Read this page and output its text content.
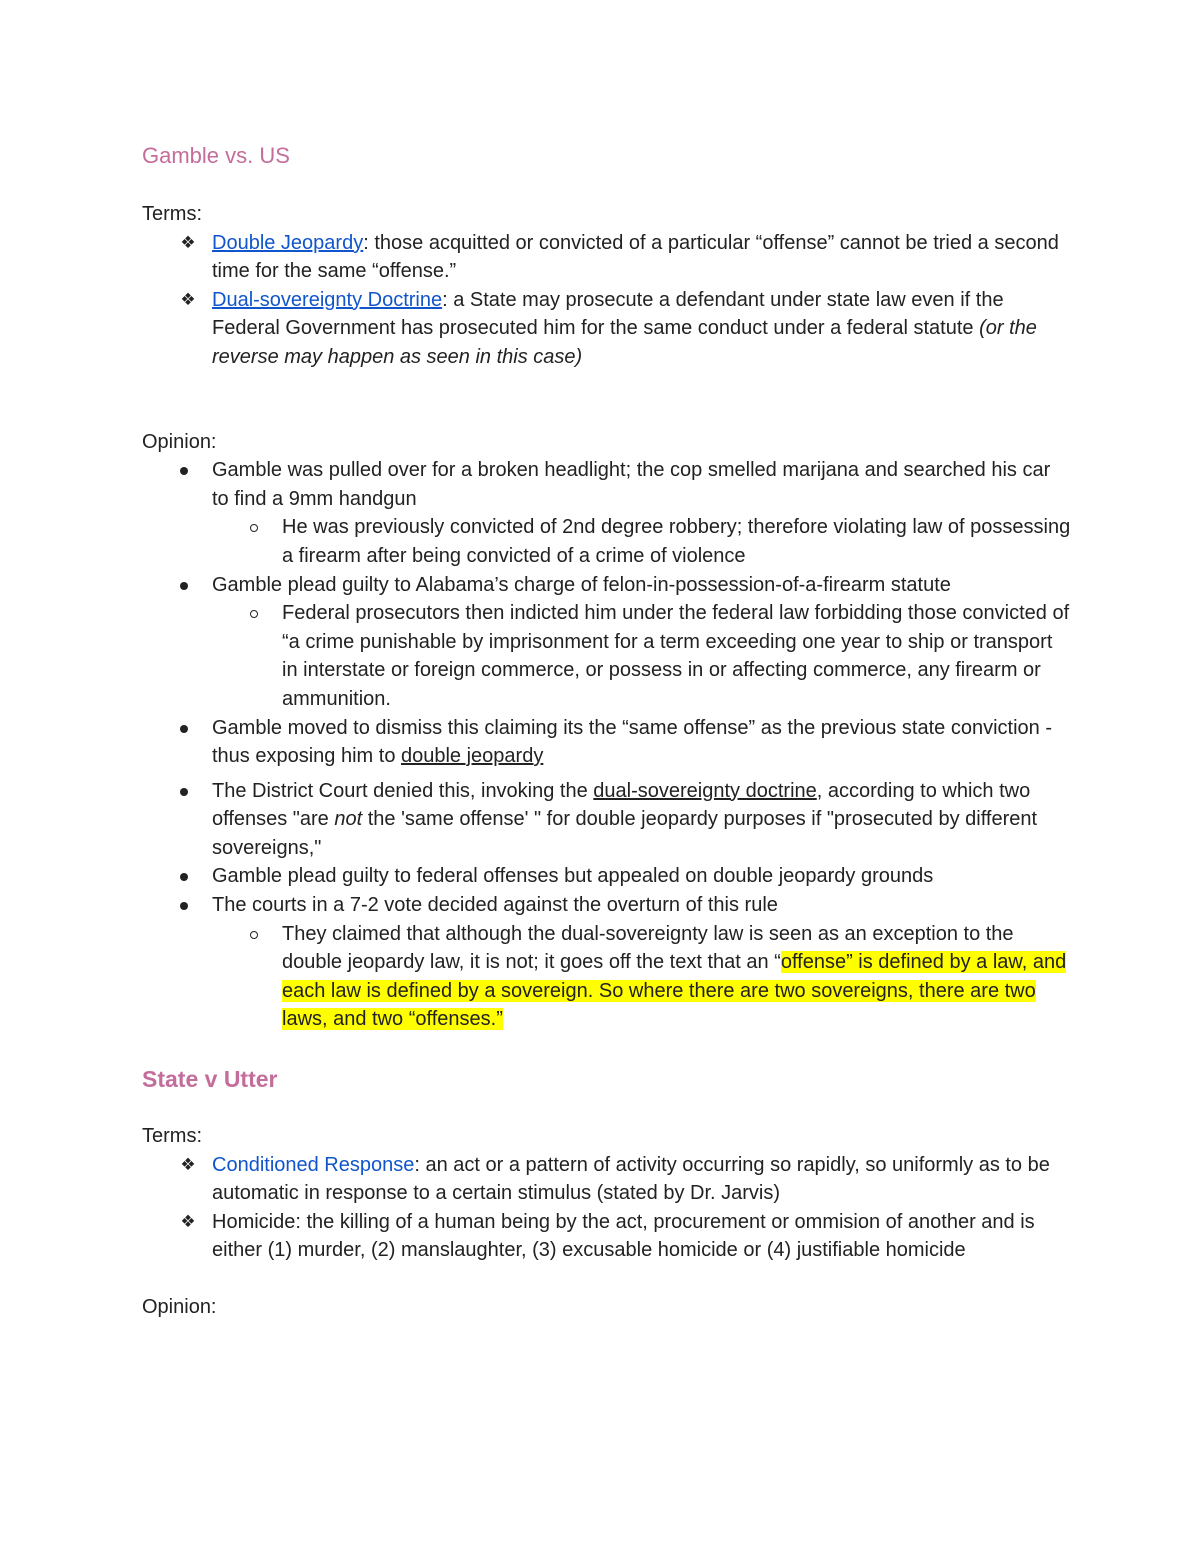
Gamble vs. US

Terms:

❖ Double Jeopardy: those acquitted or convicted of a particular “offense” cannot be tried a second time for the same “offense.”
❖ Dual-sovereignty Doctrine: a State may prosecute a defendant under state law even if the Federal Government has prosecuted him for the same conduct under a federal statute (or the reverse may happen as seen in this case)

Opinion:

Gamble was pulled over for a broken headlight; the cop smelled marijana and searched his car to find a 9mm handgun
He was previously convicted of 2nd degree robbery; therefore violating law of possessing a firearm after being convicted of a crime of violence
Gamble plead guilty to Alabama’s charge of felon-in-possession-of-a-firearm statute
Federal prosecutors then indicted him under the federal law forbidding those convicted of “a crime punishable by imprisonment for a term exceeding one year to ship or transport in interstate or foreign commerce, or possess in or affecting commerce, any firearm or ammunition.
Gamble moved to dismiss this claiming its the “same offense” as the previous state conviction - thus exposing him to double jeopardy
The District Court denied this, invoking the dual-sovereignty doctrine, according to which two offenses "are not the 'same offense' " for double jeopardy purposes if "prosecuted by different sovereigns,"
Gamble plead guilty to federal offenses but appealed on double jeopardy grounds
The courts in a 7-2 vote decided against the overturn of this rule
They claimed that although the dual-sovereignty law is seen as an exception to the double jeopardy law, it is not; it goes off the text that an “offense” is defined by a law, and each law is defined by a sovereign. So where there are two sovereigns, there are two laws, and two “offenses.”
State v Utter

Terms:

❖ Conditioned Response: an act or a pattern of activity occurring so rapidly, so uniformly as to be automatic in response to a certain stimulus (stated by Dr. Jarvis)
❖ Homicide: the killing of a human being by the act, procurement or ommision of another and is either (1) murder, (2) manslaughter, (3) excusable homicide or (4) justifiable homicide

Opinion:
